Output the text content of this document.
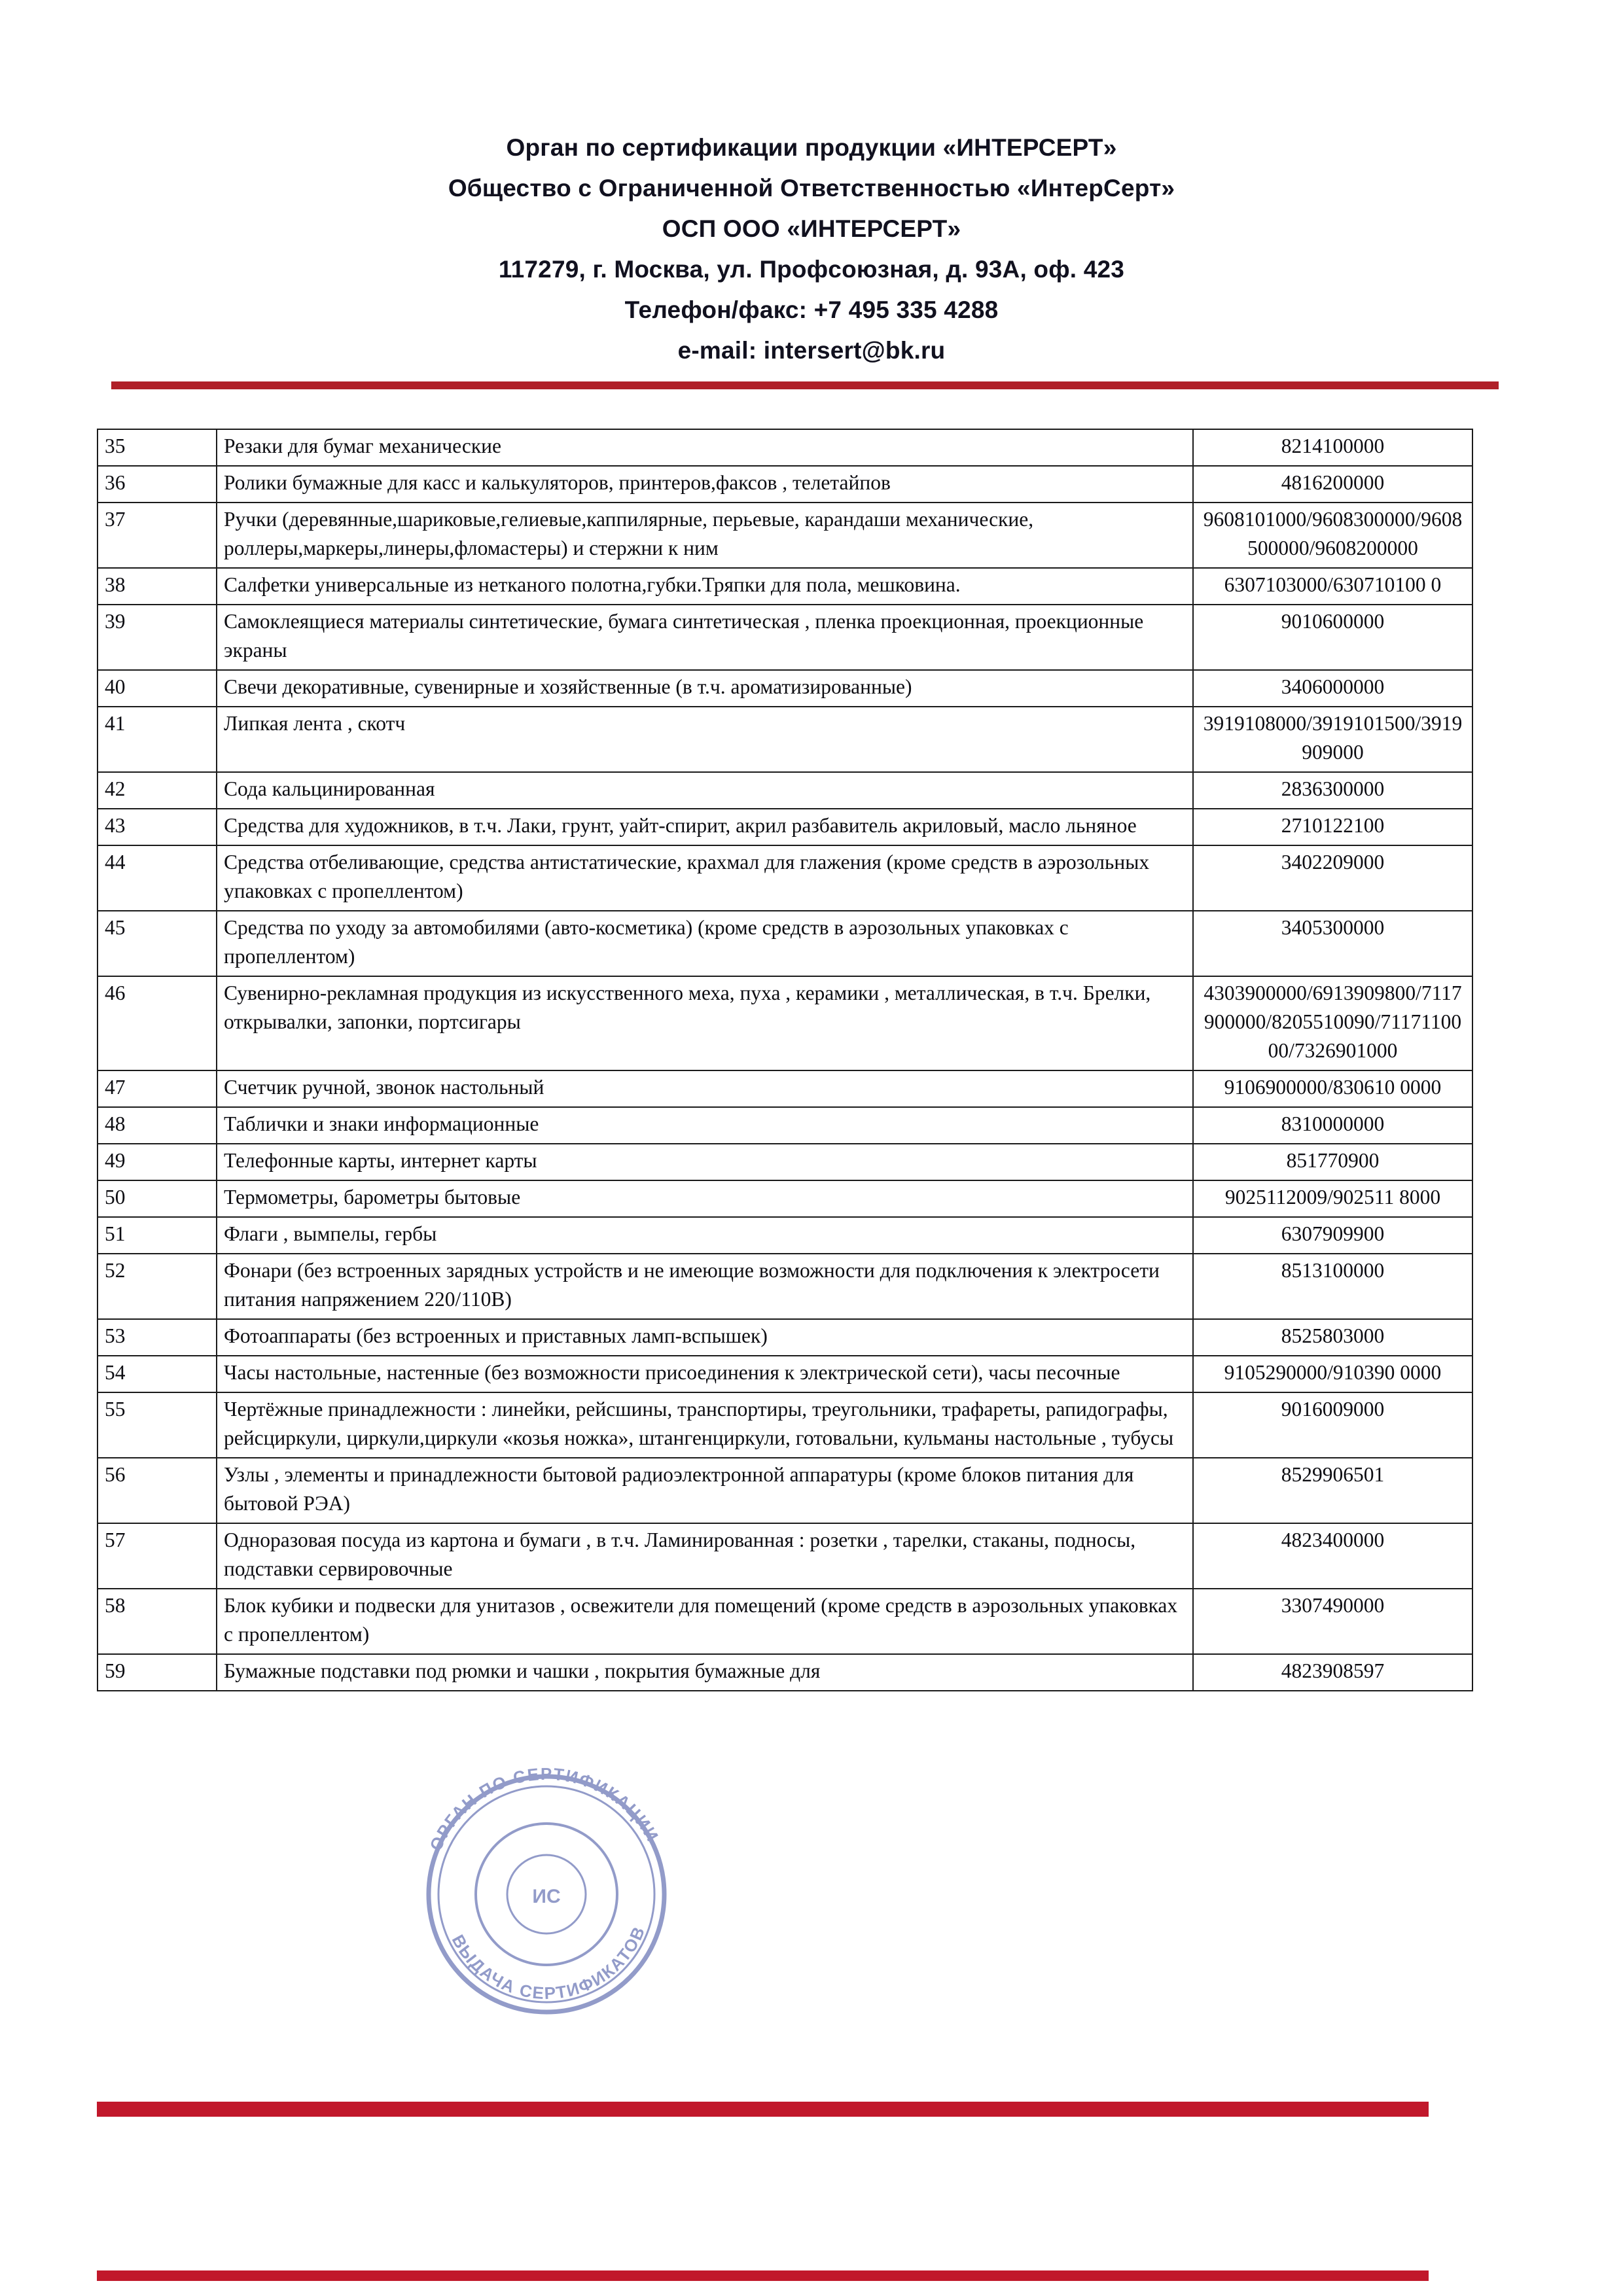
Орган по сертификации продукции «ИНТЕРСЕРТ»
Общество с Ограниченной Ответственностью «ИнтерСерт»
ОСП ООО «ИНТЕРСЕРТ»
117279, г. Москва, ул. Профсоюзная, д. 93А, оф. 423
Телефон/факс: +7 495 335 4288
e-mail: intersert@bk.ru
35	Резаки для бумаг механические	8214100000
36	Ролики бумажные для касс и калькуляторов, принтеров,факсов , телетайпов	4816200000
37	Ручки (деревянные,шариковые,гелиевые,каппилярные, перьевые, карандаши механические, роллеры,маркеры,линеры,фломастеры) и стержни к ним	9608101000/9608300000/9608500000/9608200000
38	Салфетки универсальные из нетканого полотна,губки.Тряпки для пола, мешковина.	6307103000/630710100 0
39	Самоклеящиеся материалы синтетические, бумага синтетическая , пленка проекционная, проекционные экраны	9010600000
40	Свечи декоративные, сувенирные и хозяйственные (в т.ч. ароматизированные)	3406000000
41	Липкая лента , скотч	3919108000/3919101500/3919909000
42	Сода кальцинированная	2836300000
43	Средства для художников, в т.ч. Лаки, грунт, уайт-спирит, акрил разбавитель акриловый, масло льняное	2710122100
44	Средства отбеливающие, средства антистатические, крахмал для глажения (кроме средств в аэрозольных упаковках с пропеллентом)	3402209000
45	Средства по уходу за автомобилями (авто-косметика) (кроме средств в аэрозольных упаковках с пропеллентом)	3405300000
46	Сувенирно-рекламная продукция из искусственного меха, пуха , керамики , металлическая, в т.ч. Брелки, открывалки, запонки, портсигары	4303900000/6913909800/7117900000/8205510090/7117110000/7326901000
47	Счетчик ручной, звонок настольный	9106900000/830610 0000
48	Таблички и знаки информационные	8310000000
49	Телефонные карты, интернет карты	851770900
50	Термометры, барометры бытовые	9025112009/902511 8000
51	Флаги , вымпелы, гербы	6307909900
52	Фонари (без встроенных зарядных устройств и не имеющие возможности для подключения к электросети питания напряжением 220/110В)	8513100000
53	Фотоаппараты (без встроенных и приставных ламп-вспышек)	8525803000
54	Часы настольные, настенные (без возможности присоединения к электрической сети), часы песочные	9105290000/910390 0000
55	Чертёжные принадлежности : линейки, рейсшины, транспортиры, треугольники, трафареты, рапидографы, рейсциркули, циркули,циркули «козья ножка», штангенциркули, готовальни, кульманы настольные , тубусы	9016009000
56	Узлы , элементы и принадлежности бытовой радиоэлектронной аппаратуры (кроме блоков питания для бытовой РЭА)	8529906501
57	Одноразовая посуда из картона и бумаги , в т.ч. Ламинированная : розетки , тарелки, стаканы, подносы, подставки сервировочные	4823400000
58	Блок кубики и подвески для унитазов , освежители для помещений (кроме средств в аэрозольных упаковках с пропеллентом)	3307490000
59	Бумажные подставки под рюмки и чашки , покрытия бумажные для	4823908597
ОРГАН ПО СЕРТИФИКАЦИИ
ВЫДАЧА СЕРТИФИКАТОВ
ИС
